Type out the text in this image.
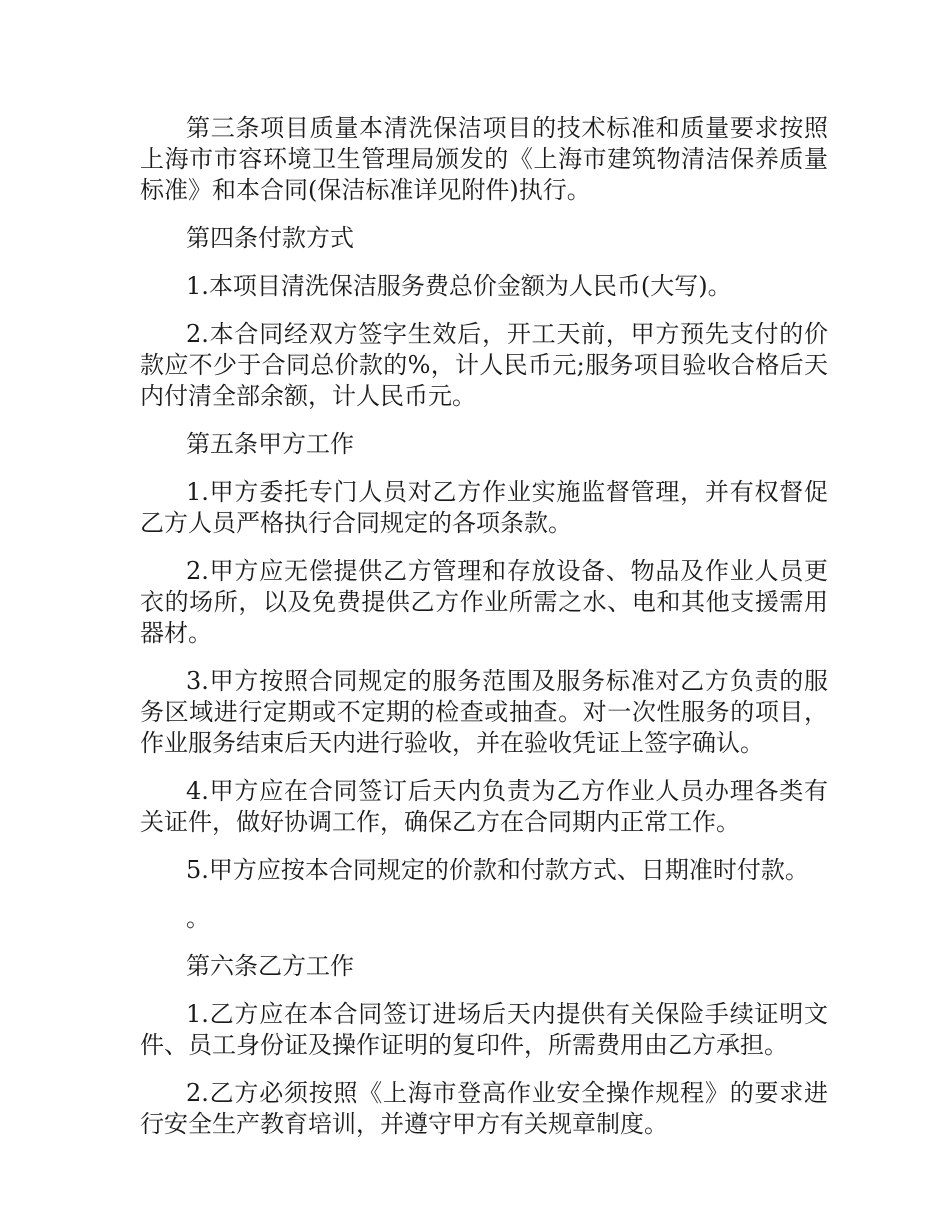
第三条项目质量本清洗保洁项目的技术标准和质量要求按照上海市市容环境卫生管理局颁发的《上海市建筑物清洁保养质量标准》和本合同(保洁标准详见附件)执行。

第四条付款方式

1.本项目清洗保洁服务费总价金额为人民币(大写)。

2.本合同经双方签字生效后，开工天前，甲方预先支付的价款应不少于合同总价款的%，计人民币元;服务项目验收合格后天内付清全部余额，计人民币元。

第五条甲方工作

1.甲方委托专门人员对乙方作业实施监督管理，并有权督促乙方人员严格执行合同规定的各项条款。

2.甲方应无偿提供乙方管理和存放设备、物品及作业人员更衣的场所，以及免费提供乙方作业所需之水、电和其他支援需用器材。

3.甲方按照合同规定的服务范围及服务标准对乙方负责的服务区域进行定期或不定期的检查或抽查。对一次性服务的项目，作业服务结束后天内进行验收，并在验收凭证上签字确认。

4.甲方应在合同签订后天内负责为乙方作业人员办理各类有关证件，做好协调工作，确保乙方在合同期内正常工作。

5.甲方应按本合同规定的价款和付款方式、日期准时付款。

。

第六条乙方工作

1.乙方应在本合同签订进场后天内提供有关保险手续证明文件、员工身份证及操作证明的复印件，所需费用由乙方承担。

2.乙方必须按照《上海市登高作业安全操作规程》的要求进行安全生产教育培训，并遵守甲方有关规章制度。
